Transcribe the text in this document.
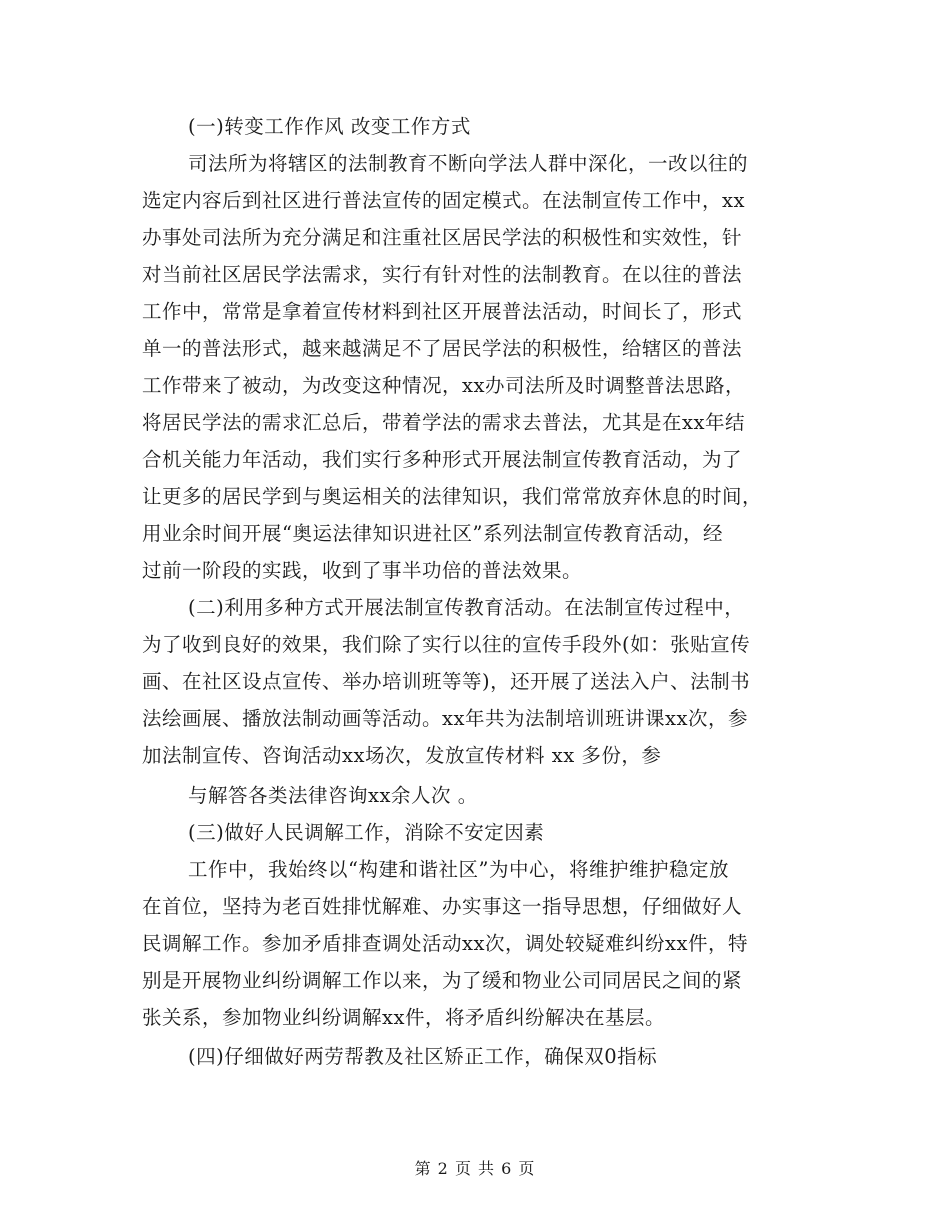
(一)转变工作作风 改变工作方式
司法所为将辖区的法制教育不断向学法人群中深化，一改以往的
选定内容后到社区进行普法宣传的固定模式。在法制宣传工作中，xx
办事处司法所为充分满足和注重社区居民学法的积极性和实效性，针
对当前社区居民学法需求，实行有针对性的法制教育。在以往的普法
工作中，常常是拿着宣传材料到社区开展普法活动，时间长了，形式
单一的普法形式，越来越满足不了居民学法的积极性，给辖区的普法
工作带来了被动，为改变这种情况，xx办司法所及时调整普法思路，
将居民学法的需求汇总后，带着学法的需求去普法，尤其是在xx年结
合机关能力年活动，我们实行多种形式开展法制宣传教育活动，为了
让更多的居民学到与奥运相关的法律知识，我们常常放弃休息的时间，
用业余时间开展“奥运法律知识进社区”系列法制宣传教育活动，经
过前一阶段的实践，收到了事半功倍的普法效果。
(二)利用多种方式开展法制宣传教育活动。在法制宣传过程中，
为了收到良好的效果，我们除了实行以往的宣传手段外(如：张贴宣传
画、在社区设点宣传、举办培训班等等)，还开展了送法入户、法制书
法绘画展、播放法制动画等活动。xx年共为法制培训班讲课xx次，参
加法制宣传、咨询活动xx场次，发放宣传材料 xx 多份，参
与解答各类法律咨询xx余人次 。
(三)做好人民调解工作，消除不安定因素
工作中，我始终以“构建和谐社区”为中心，将维护维护稳定放
在首位，坚持为老百姓排忧解难、办实事这一指导思想，仔细做好人
民调解工作。参加矛盾排查调处活动xx次，调处较疑难纠纷xx件，特
别是开展物业纠纷调解工作以来，为了缓和物业公司同居民之间的紧
张关系，参加物业纠纷调解xx件，将矛盾纠纷解决在基层。
(四)仔细做好两劳帮教及社区矫正工作，确保双0指标
第 2 页 共 6 页
